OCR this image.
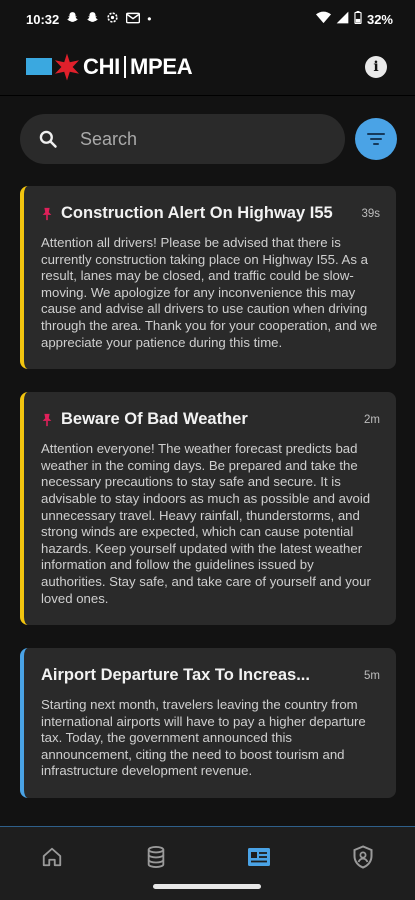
10:32	•	32%
CHI MPEA	i
Search
Construction Alert On Highway I55	39s
Attention all drivers! Please be advised that there is currently construction taking place on Highway I55. As a result, lanes may be closed, and traffic could be slow-moving. We apologize for any inconvenience this may cause and advise all drivers to use caution when driving through the area. Thank you for your cooperation, and we appreciate your patience during this time.
Beware Of Bad Weather	2m
Attention everyone! The weather forecast predicts bad weather in the coming days. Be prepared and take the necessary precautions to stay safe and secure. It is advisable to stay indoors as much as possible and avoid unnecessary travel. Heavy rainfall, thunderstorms, and strong winds are expected, which can cause potential hazards. Keep yourself updated with the latest weather information and follow the guidelines issued by authorities. Stay safe, and take care of yourself and your loved ones.
Airport Departure Tax To Increas...	5m
Starting next month, travelers leaving the country from international airports will have to pay a higher departure tax. Today, the government announced this announcement, citing the need to boost tourism and infrastructure development revenue.
